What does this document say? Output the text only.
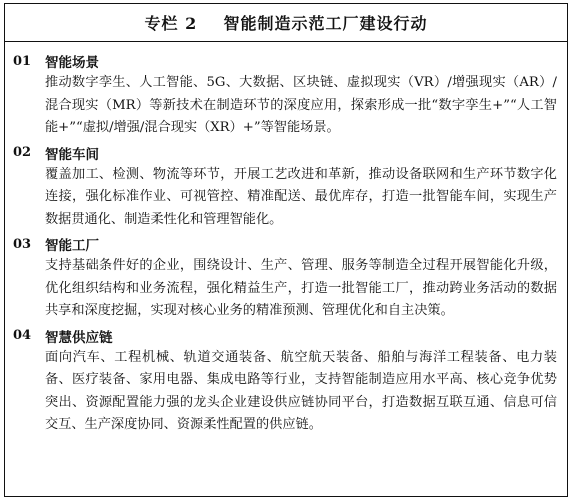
专栏 2    智能制造示范工厂建设行动
01	智能场景
推动数字孪生、人工智能、5G、大数据、区块链、虚拟现实（VR）/增强现实（AR）/混合现实（MR）等新技术在制造环节的深度应用，探索形成一批“数字孪生+”“人工智能+”“虚拟/增强/混合现实（XR）+”等智能场景。
02	智能车间
覆盖加工、检测、物流等环节，开展工艺改进和革新，推动设备联网和生产环节数字化连接，强化标准作业、可视管控、精准配送、最优库存，打造一批智能车间，实现生产数据贯通化、制造柔性化和管理智能化。
03	智能工厂
支持基础条件好的企业，围绕设计、生产、管理、服务等制造全过程开展智能化升级，优化组织结构和业务流程，强化精益生产，打造一批智能工厂，推动跨业务活动的数据共享和深度挖掘，实现对核心业务的精准预测、管理优化和自主决策。
04	智慧供应链
面向汽车、工程机械、轨道交通装备、航空航天装备、船舶与海洋工程装备、电力装备、医疗装备、家用电器、集成电路等行业，支持智能制造应用水平高、核心竞争优势突出、资源配置能力强的龙头企业建设供应链协同平台，打造数据互联互通、信息可信交互、生产深度协同、资源柔性配置的供应链。
